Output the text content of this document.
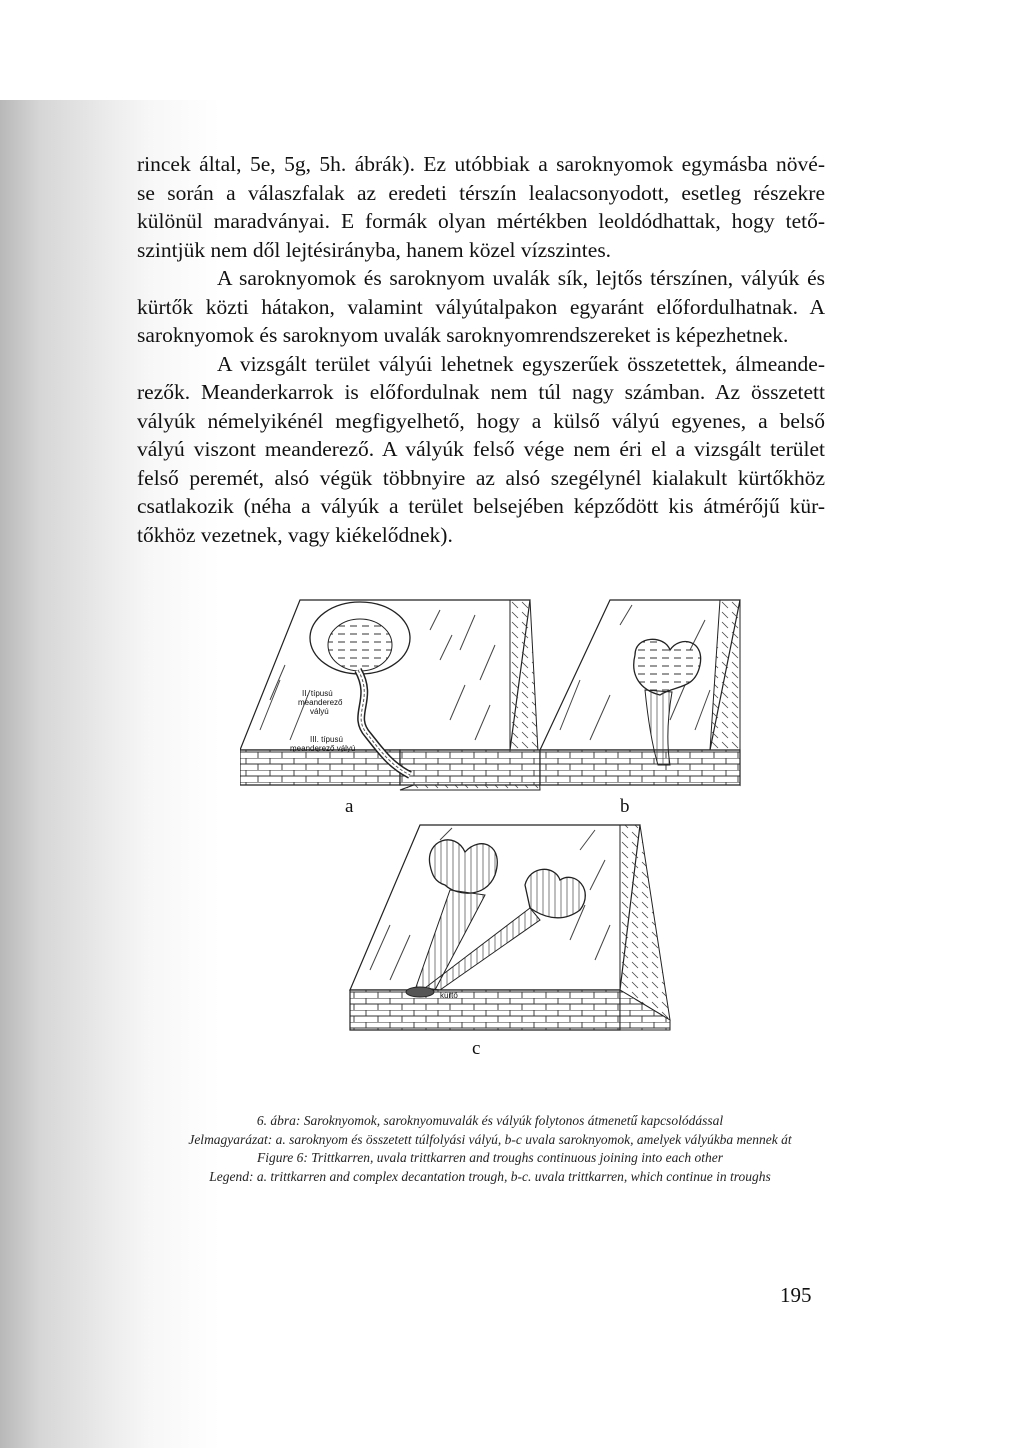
rincek által, 5e, 5g, 5h. ábrák). Ez utóbbiak a saroknyomok egymásba növé-
se során a válaszfalak az eredeti térszín lealacsonyodott, esetleg részekre
különül maradványai. E formák olyan mértékben leoldódhattak, hogy tető-
szintjük nem dől lejtésirányba, hanem közel vízszintes.

A saroknyomok és saroknyom uvalák sík, lejtős térszínen, vályúk és
kürtők közti hátakon, valamint vályútalpakon egyaránt előfordulhatnak. A
saroknyomok és saroknyom uvalák saroknyomrendszereket is képezhetnek.

A vizsgált terület vályúi lehetnek egyszerűek összetettek, álmeande-
rezők. Meanderkarrok is előfordulnak nem túl nagy számban. Az összetett
vályúk némelyikénél megfigyelhető, hogy a külső vályú egyenes, a belső
vályú viszont meanderező. A vályúk felső vége nem éri el a vizsgált terület
felső peremét, alsó végük többnyire az alsó szegélynél kialakult kürtőkhöz
csatlakozik (néha a vályúk a terület belsejében képződött kis átmérőjű kür-
tőkhöz vezetnek, vagy kiékelődnek).

II. típusú meanderező vályú
III. típusú meanderező vályú
kürtő
a	b
c
6. ábra: Saroknyomok, saroknyomuvalák és vályúk folytonos átmenetű kapcsolódással
Jelmagyarázat: a. saroknyom és összetett túlfolyási vályú, b-c uvala saroknyomok, amelyek vályúkba mennek át
Figure 6: Trittkarren, uvala trittkarren and troughs continuous joining into each other
Legend: a. trittkarren and complex decantation trough, b-c. uvala trittkarren, which continue in troughs
195
